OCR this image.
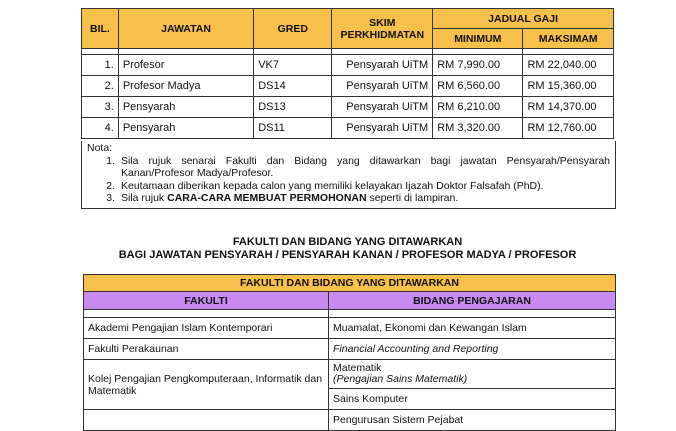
BIL.	JAWATAN	GRED	SKIM PERKHIDMATAN	JADUAL GAJI	
				MINIMUM	MAKSIMAM

1.	Profesor	VK7	Pensyarah UiTM	RM 7,990.00	RM 22,040.00
2.	Profesor Madya	DS14	Pensyarah UiTM	RM 6,560.00	RM 15,360.00
3.	Pensyarah	DS13	Pensyarah UiTM	RM 6,210.00	RM 14,370.00
4.	Pensyarah	DS11	Pensyarah UiTM	RM 3,320.00	RM 12,760.00
Nota:
1. Sila rujuk senarai Fakulti dan Bidang yang ditawarkan bagi jawatan Pensyarah/Pensyarah Kanan/Profesor Madya/Profesor.
2. Keutamaan diberikan kepada calon yang memiliki kelayakan Ijazah Doktor Falsafah (PhD).
3. Sila rujuk CARA-CARA MEMBUAT PERMOHONAN seperti di lampiran.
FAKULTI DAN BIDANG YANG DITAWARKAN
BAGI JAWATAN PENSYARAH / PENSYARAH KANAN / PROFESOR MADYA / PROFESOR
FAKULTI DAN BIDANG YANG DITAWARKAN	
FAKULTI	BIDANG PENGAJARAN

Akademi Pengajian Islam Kontemporari	Muamalat, Ekonomi dan Kewangan Islam
Fakulti Perakaunan	Financial Accounting and Reporting
Kolej Pengajian Pengkomputeraan, Informatik dan Matematik	Matematik
(Pengajian Sains Matematik)

	Sains Komputer
	Pengurusan Sistem Pejabat
